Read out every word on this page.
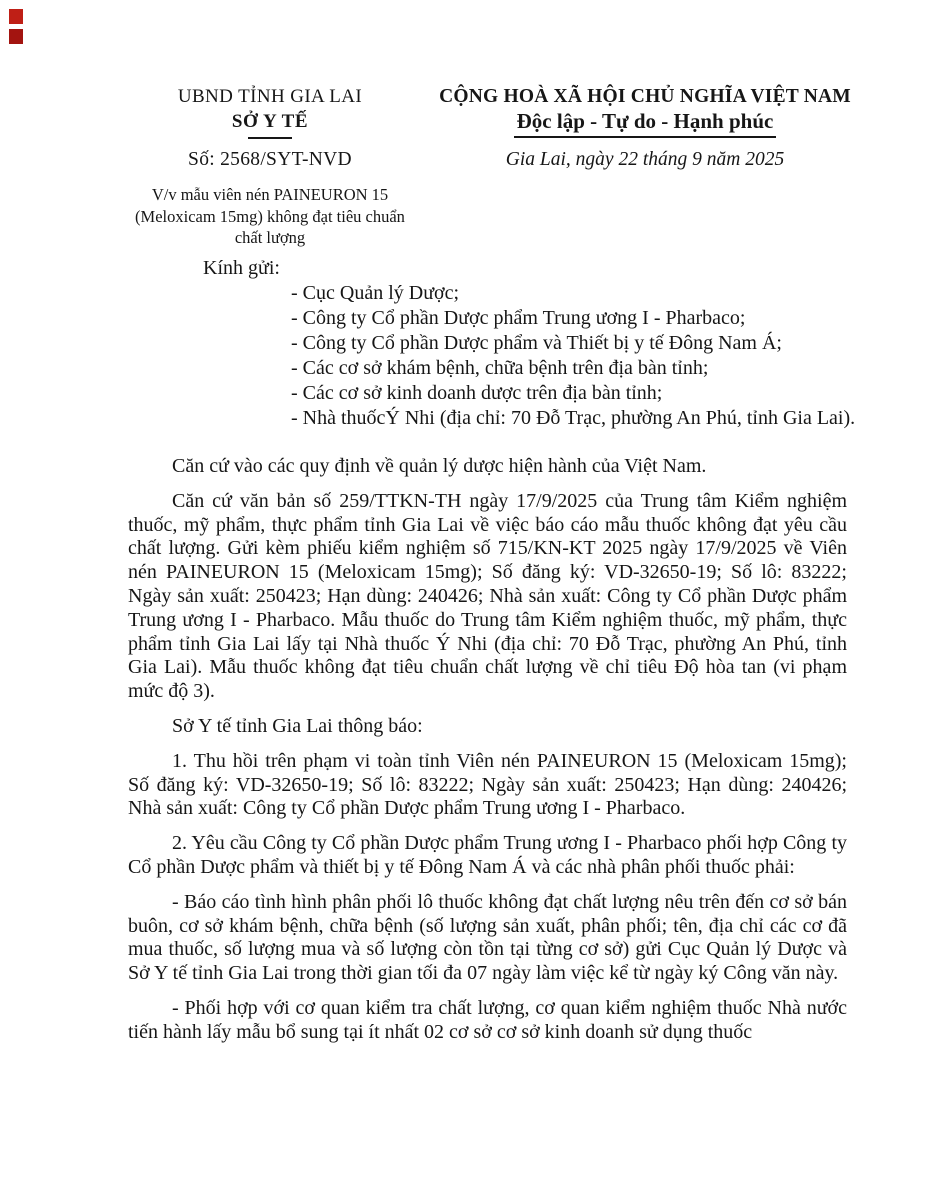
UBND TỈNH GIA LAI
SỞ Y TẾ
Số: 2568/SYT-NVD
V/v mẫu viên nén PAINEURON 15 (Meloxicam 15mg) không đạt tiêu chuẩn chất lượng
CỘNG HOÀ XÃ HỘI CHỦ NGHĨA VIỆT NAM
Độc lập - Tự do - Hạnh phúc
Gia Lai, ngày 22 tháng 9 năm 2025
Kính gửi:
- Cục Quản lý Dược;
- Công ty Cổ phần Dược phẩm Trung ương I - Pharbaco;
- Công ty Cổ phần Dược phẩm và Thiết bị y tế Đông Nam Á;
- Các cơ sở khám bệnh, chữa bệnh trên địa bàn tỉnh;
- Các cơ sở kinh doanh dược trên địa bàn tỉnh;
- Nhà thuốcÝ Nhi (địa chỉ: 70 Đỗ Trạc, phường An Phú, tỉnh Gia Lai).

Căn cứ vào các quy định về quản lý dược hiện hành của Việt Nam.

Căn cứ văn bản số 259/TTKN-TH ngày 17/9/2025 của Trung tâm Kiểm nghiệm thuốc, mỹ phẩm, thực phẩm tỉnh Gia Lai về việc báo cáo mẫu thuốc không đạt yêu cầu chất lượng. Gửi kèm phiếu kiểm nghiệm số 715/KN-KT 2025 ngày 17/9/2025 về Viên nén PAINEURON 15 (Meloxicam 15mg); Số đăng ký: VD-32650-19; Số lô: 83222; Ngày sản xuất: 250423; Hạn dùng: 240426; Nhà sản xuất: Công ty Cổ phần Dược phẩm Trung ương I - Pharbaco. Mẫu thuốc do Trung tâm Kiểm nghiệm thuốc, mỹ phẩm, thực phẩm tỉnh Gia Lai lấy tại Nhà thuốc Ý Nhi (địa chỉ: 70 Đỗ Trạc, phường An Phú, tỉnh Gia Lai). Mẫu thuốc không đạt tiêu chuẩn chất lượng về chỉ tiêu Độ hòa tan (vi phạm mức độ 3).

Sở Y tế tỉnh Gia Lai thông báo:

1. Thu hồi trên phạm vi toàn tỉnh Viên nén PAINEURON 15 (Meloxicam 15mg); Số đăng ký: VD-32650-19; Số lô: 83222; Ngày sản xuất: 250423; Hạn dùng: 240426; Nhà sản xuất: Công ty Cổ phần Dược phẩm Trung ương I - Pharbaco.

2. Yêu cầu Công ty Cổ phần Dược phẩm Trung ương I - Pharbaco phối hợp Công ty Cổ phần Dược phẩm và thiết bị y tế Đông Nam Á và các nhà phân phối thuốc phải:

- Báo cáo tình hình phân phối lô thuốc không đạt chất lượng nêu trên đến cơ sở bán buôn, cơ sở khám bệnh, chữa bệnh (số lượng sản xuất, phân phối; tên, địa chỉ các cơ đã mua thuốc, số lượng mua và số lượng còn tồn tại từng cơ sở) gửi Cục Quản lý Dược và Sở Y tế tỉnh Gia Lai trong thời gian tối đa 07 ngày làm việc kể từ ngày ký Công văn này.

- Phối hợp với cơ quan kiểm tra chất lượng, cơ quan kiểm nghiệm thuốc Nhà nước tiến hành lấy mẫu bổ sung tại ít nhất 02 cơ sở cơ sở kinh doanh sử dụng thuốc
